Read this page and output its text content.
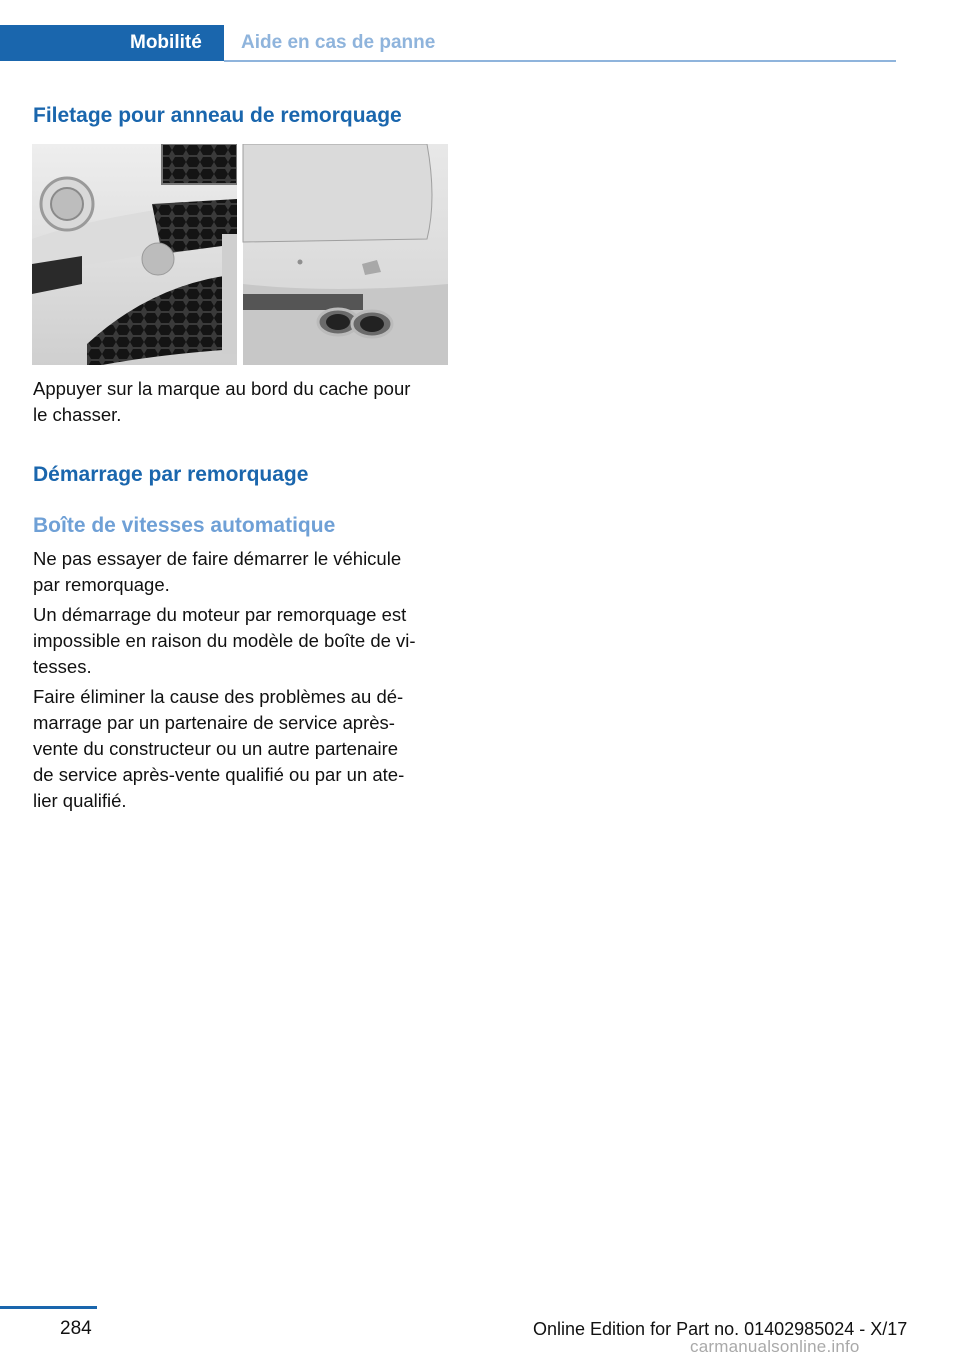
Mobilité	Aide en cas de panne
Filetage pour anneau de remorquage
Appuyer sur la marque au bord du cache pour
le chasser.
Démarrage par remorquage
Boîte de vitesses automatique
Ne pas essayer de faire démarrer le véhicule
par remorquage.
Un démarrage du moteur par remorquage est
impossible en raison du modèle de boîte de vi‐
tesses.
Faire éliminer la cause des problèmes au dé‐
marrage par un partenaire de service après-
vente du constructeur ou un autre partenaire
de service après-vente qualifié ou par un ate‐
lier qualifié.
284	Online Edition for Part no. 01402985024 - X/17
carmanualsonline.info
